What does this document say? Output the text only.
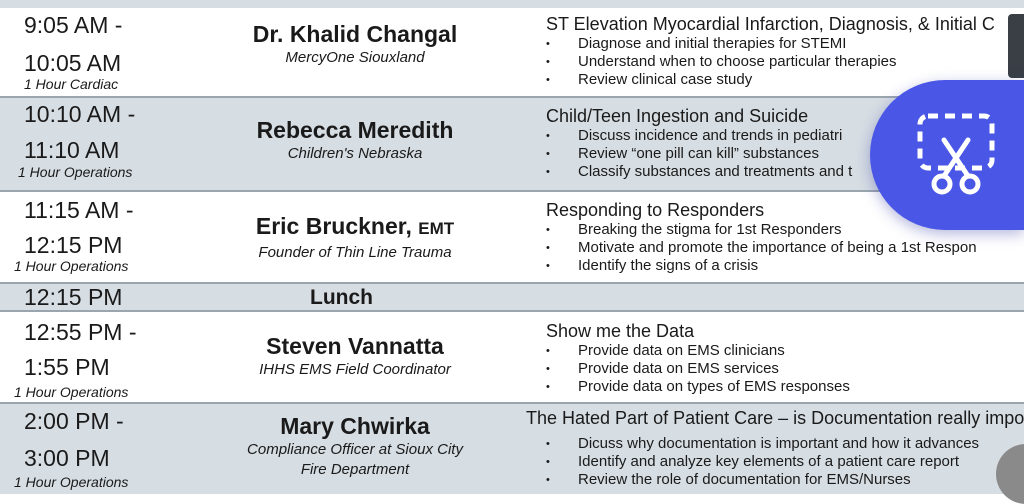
9:05 AM -
10:05 AM
1 Hour Cardiac
Dr. Khalid Changal
MercyOne Siouxland
ST Elevation Myocardial Infarction, Diagnosis, & Initial C
• Diagnose and initial therapies for STEMI
• Understand when to choose particular therapies
• Review clinical case study
10:10 AM -
11:10 AM
1 Hour Operations
Rebecca Meredith
Children's Nebraska
Child/Teen Ingestion and Suicide
• Discuss incidence and trends in pediatri
• Review “one pill can kill” substances
• Classify substances and treatments and t
11:15 AM -
12:15 PM
1 Hour Operations
Eric Bruckner, EMT
Founder of Thin Line Trauma
Responding to Responders
• Breaking the stigma for 1st Responders
• Motivate and promote the importance of being a 1st Respon
• Identify the signs of a crisis
12:15 PM	Lunch
12:55 PM -
1:55 PM
1 Hour Operations
Steven Vannatta
IHHS EMS Field Coordinator
Show me the Data
• Provide data on EMS clinicians
• Provide data on EMS services
• Provide data on types of EMS responses
2:00 PM -
3:00 PM
1 Hour Operations
Mary Chwirka
Compliance Officer at Sioux City
Fire Department
The Hated Part of Patient Care – is Documentation really impo
• Dicuss why documentation is important and how it advances
• Identify and analyze key elements of a patient care report
• Review the role of documentation for EMS/Nurses
